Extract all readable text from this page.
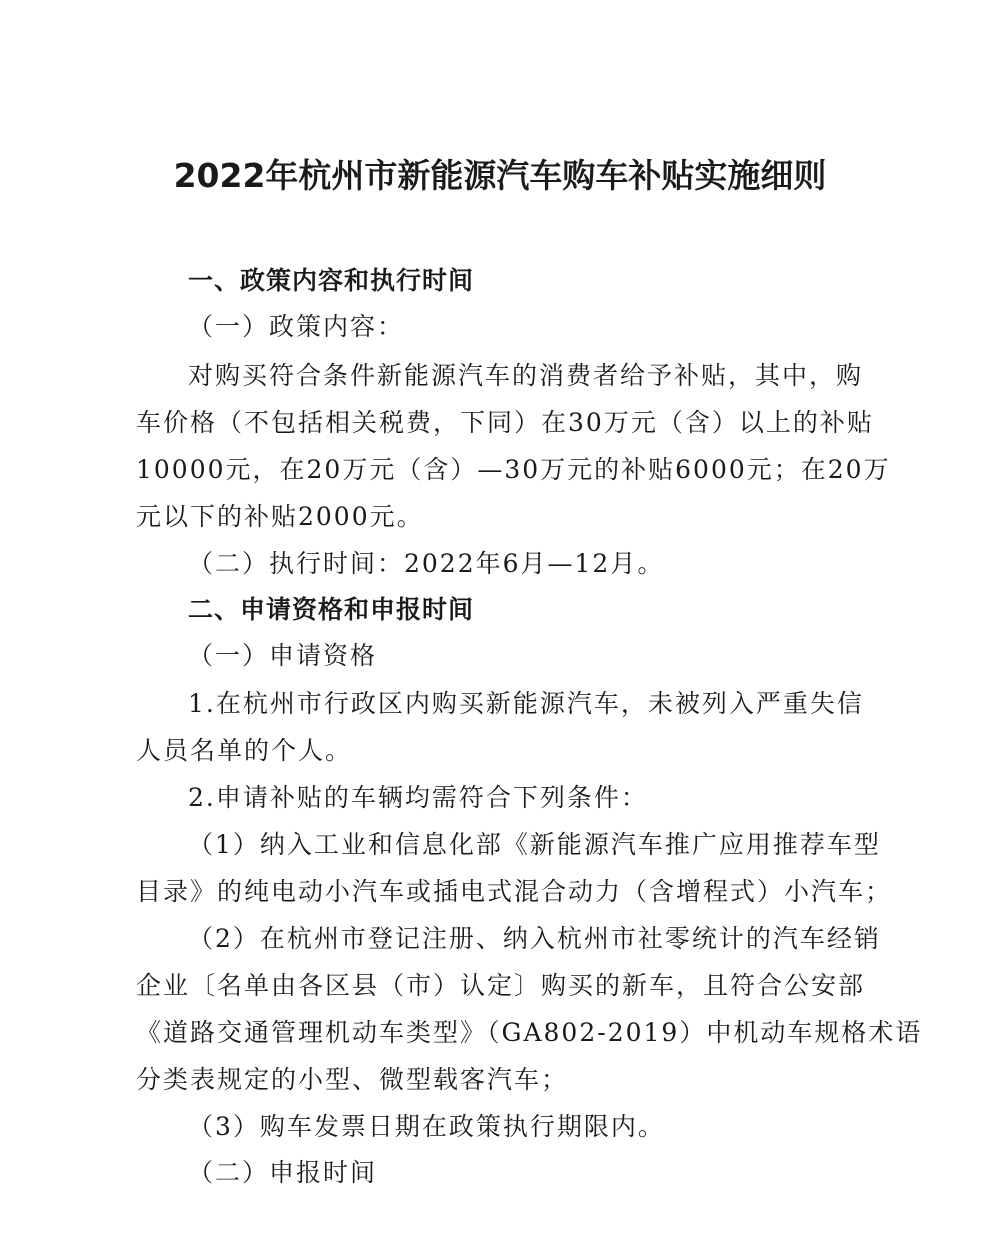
2022年杭州市新能源汽车购车补贴实施细则
一、政策内容和执行时间
（一）政策内容：
对购买符合条件新能源汽车的消费者给予补贴，其中，购
车价格（不包括相关税费，下同）在30万元（含）以上的补贴
10000元，在20万元（含）—30万元的补贴6000元；在20万
元以下的补贴2000元。
（二）执行时间：2022年6月—12月。
二、申请资格和申报时间
（一）申请资格
1.在杭州市行政区内购买新能源汽车，未被列入严重失信
人员名单的个人。
2.申请补贴的车辆均需符合下列条件：
（1）纳入工业和信息化部《新能源汽车推广应用推荐车型
目录》的纯电动小汽车或插电式混合动力（含增程式）小汽车；
（2）在杭州市登记注册、纳入杭州市社零统计的汽车经销
企业〔名单由各区县（市）认定〕购买的新车，且符合公安部
《道路交通管理机动车类型》（GA802-2019）中机动车规格术语
分类表规定的小型、微型载客汽车；
（3）购车发票日期在政策执行期限内。
（二）申报时间
